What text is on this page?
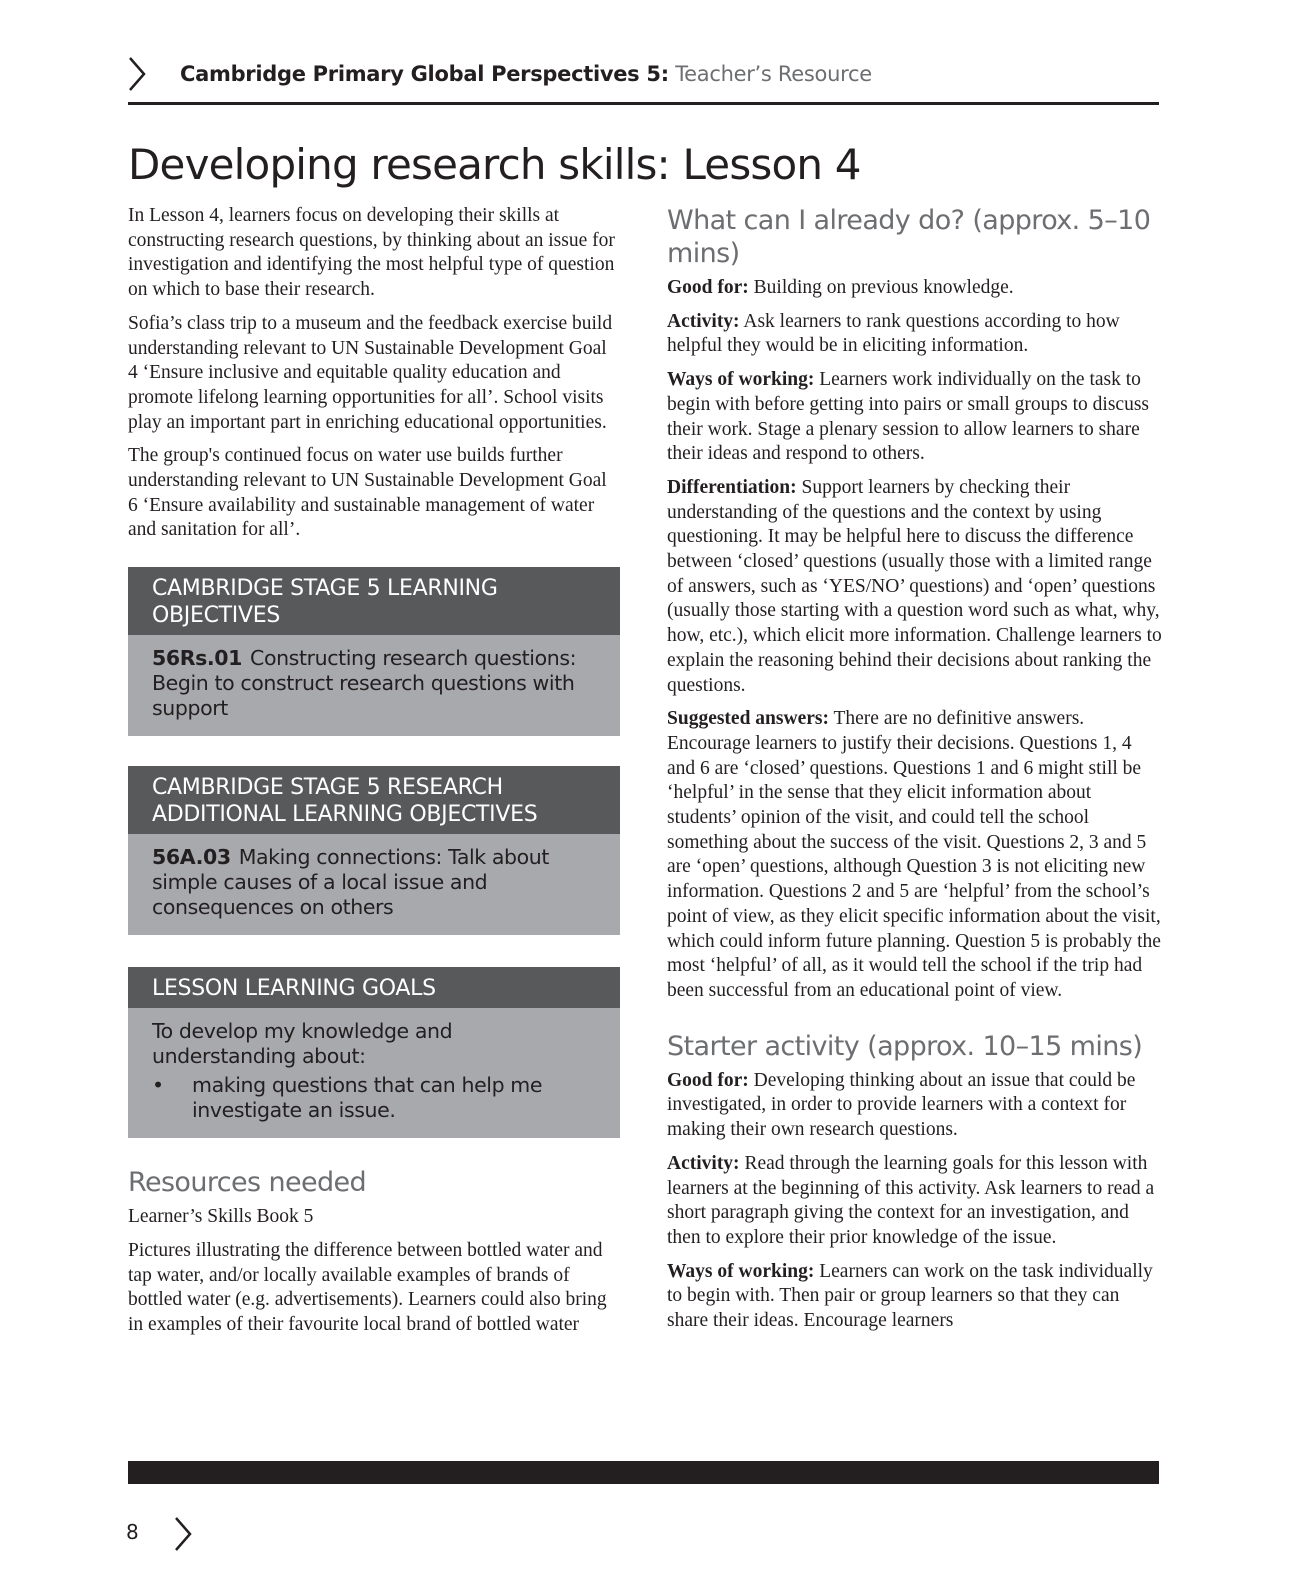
Cambridge Primary Global Perspectives 5: Teacher’s Resource
Developing research skills: Lesson 4

In Lesson 4, learners focus on developing their skills at constructing research questions, by thinking about an issue for investigation and identifying the most helpful type of question on which to base their research.

Sofia’s class trip to a museum and the feedback exercise build understanding relevant to UN Sustainable Development Goal 4 ‘Ensure inclusive and equitable quality education and promote lifelong learning opportunities for all’. School visits play an important part in enriching educational opportunities.

The group's continued focus on water use builds further understanding relevant to UN Sustainable Development Goal 6 ‘Ensure availability and sustainable management of water and sanitation for all’.

CAMBRIDGE STAGE 5 LEARNING OBJECTIVES
56Rs.01 Constructing research questions: Begin to construct research questions with support
CAMBRIDGE STAGE 5 RESEARCH ADDITIONAL LEARNING OBJECTIVES
56A.03 Making connections: Talk about simple causes of a local issue and consequences on others
LESSON LEARNING GOALS
To develop my knowledge and understanding about:
• making questions that can help me investigate an issue.
Resources needed

Learner’s Skills Book 5

Pictures illustrating the difference between bottled water and tap water, and/or locally available examples of brands of bottled water (e.g. advertisements). Learners could also bring in examples of their favourite local brand of bottled water

What can I already do? (approx. 5–10 mins)

Good for: Building on previous knowledge.

Activity: Ask learners to rank questions according to how helpful they would be in eliciting information.

Ways of working: Learners work individually on the task to begin with before getting into pairs or small groups to discuss their work. Stage a plenary session to allow learners to share their ideas and respond to others.

Differentiation: Support learners by checking their understanding of the questions and the context by using questioning. It may be helpful here to discuss the difference between ‘closed’ questions (usually those with a limited range of answers, such as ‘YES/NO’ questions) and ‘open’ questions (usually those starting with a question word such as what, why, how, etc.), which elicit more information. Challenge learners to explain the reasoning behind their decisions about ranking the questions.

Suggested answers: There are no definitive answers. Encourage learners to justify their decisions. Questions 1, 4 and 6 are ‘closed’ questions. Questions 1 and 6 might still be ‘helpful’ in the sense that they elicit information about students’ opinion of the visit, and could tell the school something about the success of the visit. Questions 2, 3 and 5 are ‘open’ questions, although Question 3 is not eliciting new information. Questions 2 and 5 are ‘helpful’ from the school’s point of view, as they elicit specific information about the visit, which could inform future planning. Question 5 is probably the most ‘helpful’ of all, as it would tell the school if the trip had been successful from an educational point of view.

Starter activity (approx. 10–15 mins)

Good for: Developing thinking about an issue that could be investigated, in order to provide learners with a context for making their own research questions.

Activity: Read through the learning goals for this lesson with learners at the beginning of this activity. Ask learners to read a short paragraph giving the context for an investigation, and then to explore their prior knowledge of the issue.

Ways of working: Learners can work on the task individually to begin with. Then pair or group learners so that they can share their ideas. Encourage learners

8
